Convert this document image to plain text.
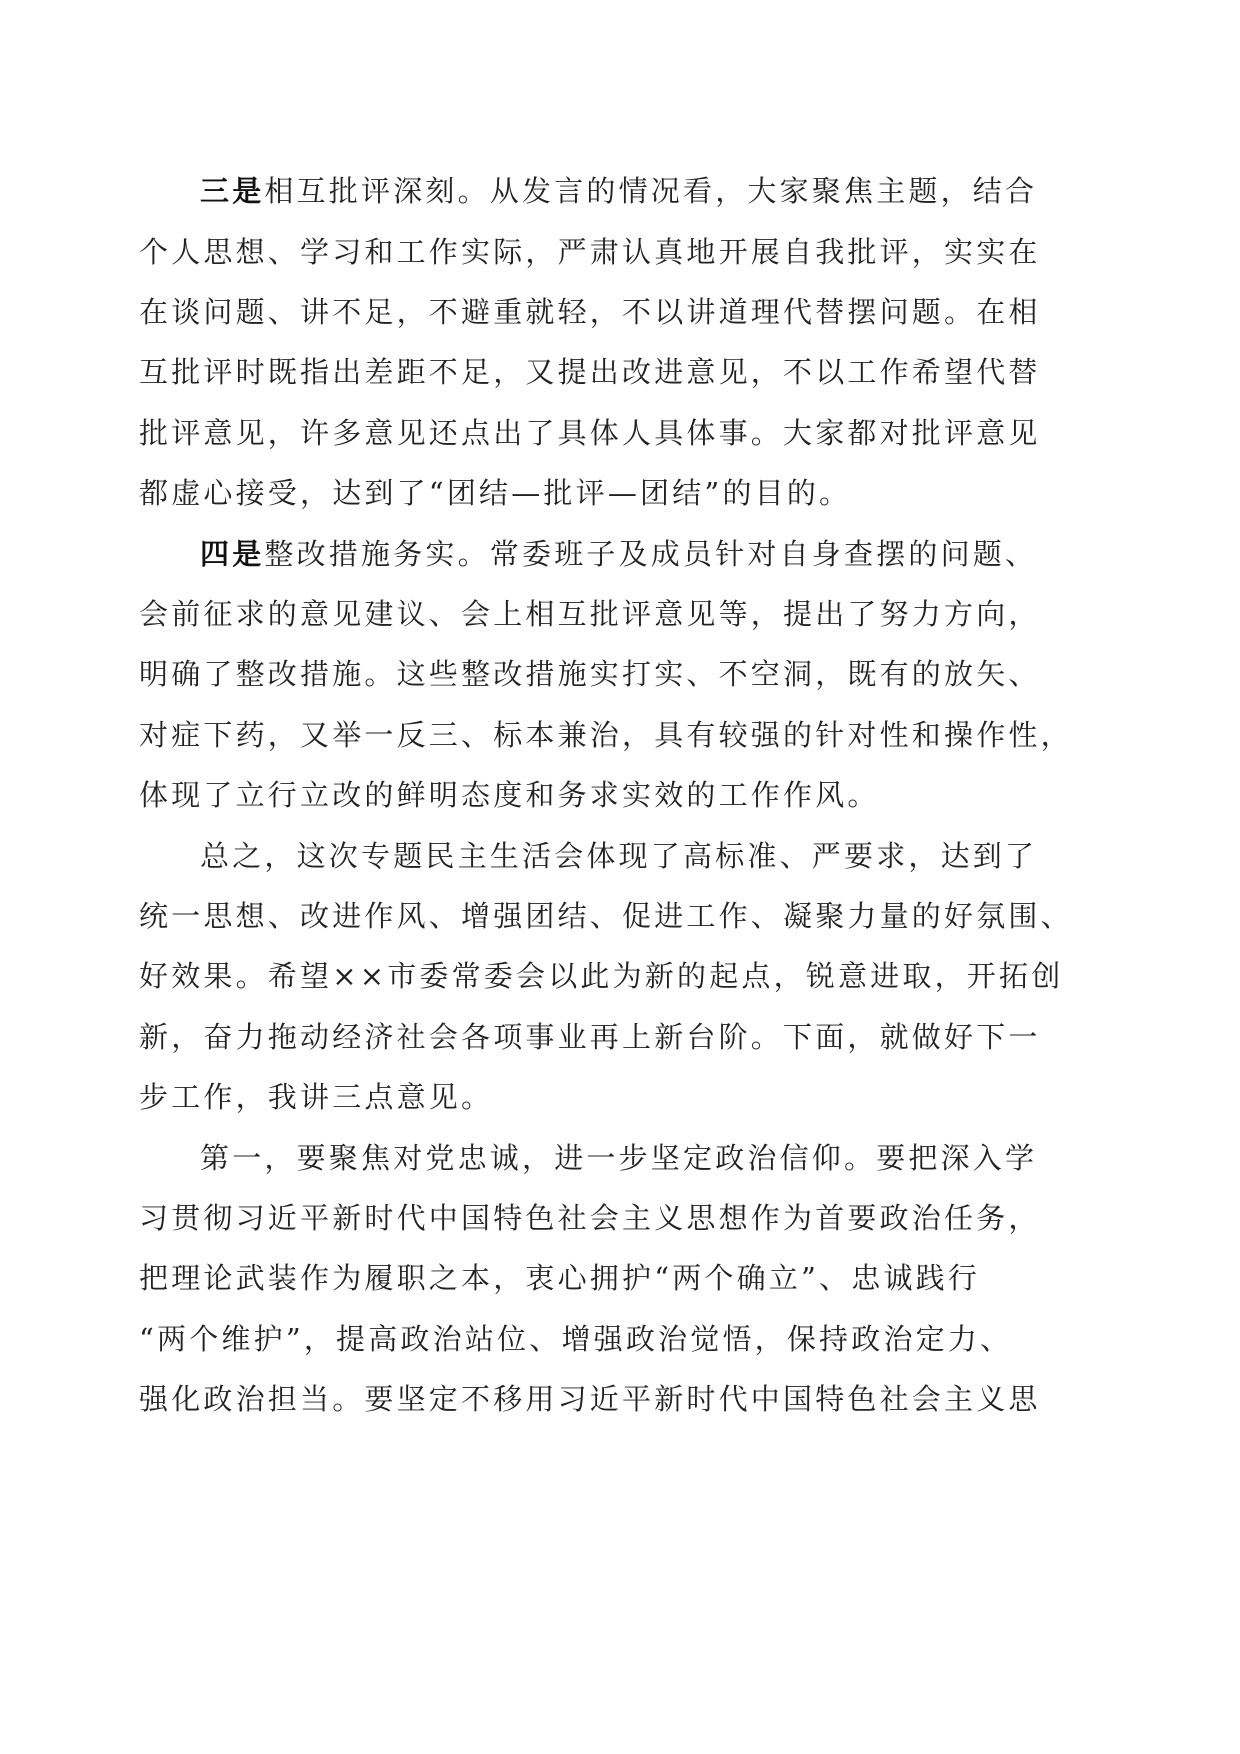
三是相互批评深刻。从发言的情况看，大家聚焦主题，结合

个人思想、学习和工作实际，严肃认真地开展自我批评，实实在

在谈问题、讲不足，不避重就轻，不以讲道理代替摆问题。在相

互批评时既指出差距不足，又提出改进意见，不以工作希望代替

批评意见，许多意见还点出了具体人具体事。大家都对批评意见

都虚心接受，达到了“团结—批评—团结”的目的。

四是整改措施务实。常委班子及成员针对自身查摆的问题、

会前征求的意见建议、会上相互批评意见等，提出了努力方向，

明确了整改措施。这些整改措施实打实、不空洞，既有的放矢、

对症下药，又举一反三、标本兼治，具有较强的针对性和操作性，

体现了立行立改的鲜明态度和务求实效的工作作风。

总之，这次专题民主生活会体现了高标准、严要求，达到了

统一思想、改进作风、增强团结、促进工作、凝聚力量的好氛围、

好效果。希望××市委常委会以此为新的起点，锐意进取，开拓创

新，奋力拖动经济社会各项事业再上新台阶。下面，就做好下一

步工作，我讲三点意见。

第一，要聚焦对党忠诚，进一步坚定政治信仰。要把深入学

习贯彻习近平新时代中国特色社会主义思想作为首要政治任务，

把理论武装作为履职之本，衷心拥护“两个确立”、忠诚践行

“两个维护”，提高政治站位、增强政治觉悟，保持政治定力、

强化政治担当。要坚定不移用习近平新时代中国特色社会主义思
